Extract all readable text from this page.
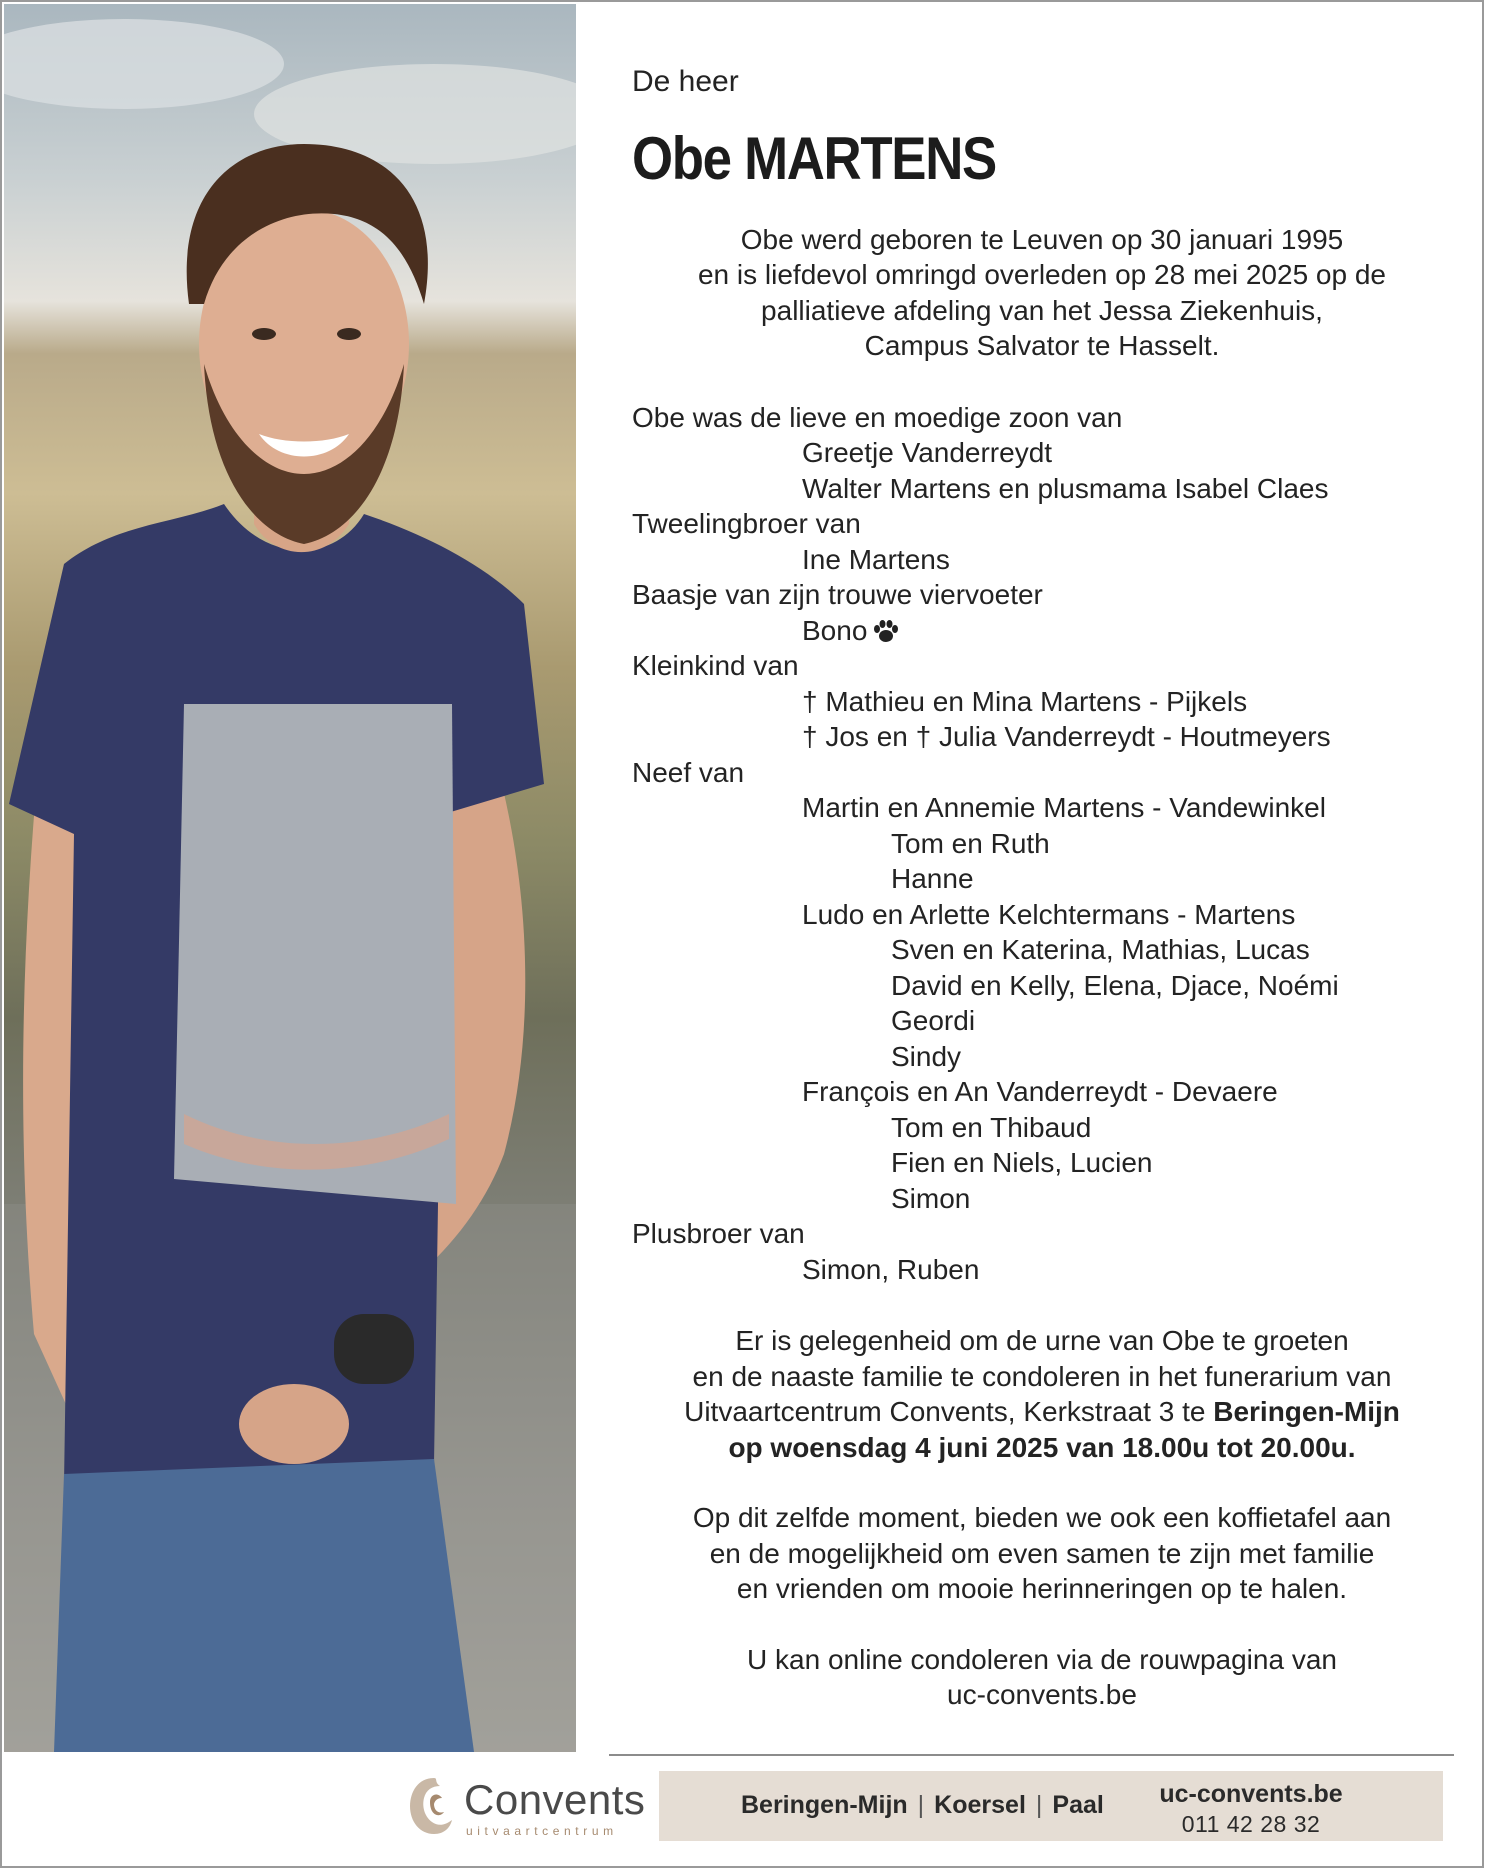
De heer
Obe MARTENS
Obe werd geboren te Leuven op 30 januari 1995
en is liefdevol omringd overleden op 28 mei 2025 op de
palliatieve afdeling van het Jessa Ziekenhuis,
Campus Salvator te Hasselt.
Obe was de lieve en moedige zoon van
Greetje Vanderreydt
Walter Martens en plusmama Isabel Claes
Tweelingbroer van
Ine Martens
Baasje van zijn trouwe viervoeter
Bono
Kleinkind van
† Mathieu en Mina Martens - Pijkels
† Jos en † Julia Vanderreydt - Houtmeyers
Neef van
Martin en Annemie Martens - Vandewinkel
Tom en Ruth
Hanne
Ludo en Arlette Kelchtermans - Martens
Sven en Katerina, Mathias, Lucas
David en Kelly, Elena, Djace, Noémi
Geordi
Sindy
François en An Vanderreydt - Devaere
Tom en Thibaud
Fien en Niels, Lucien
Simon
Plusbroer van
Simon, Ruben
Er is gelegenheid om de urne van Obe te groeten
en de naaste familie te condoleren in het funerarium van
Uitvaartcentrum Convents, Kerkstraat 3 te Beringen-Mijn
op woensdag 4 juni 2025 van 18.00u tot 20.00u.
Op dit zelfde moment, bieden we ook een koffietafel aan
en de mogelijkheid om even samen te zijn met familie
en vrienden om mooie herinneringen op te halen.
U kan online condoleren via de rouwpagina van
uc-convents.be
Convents
uitvaartcentrum
Beringen-Mijn | Koersel | Paal	uc-convents.be
011 42 28 32
